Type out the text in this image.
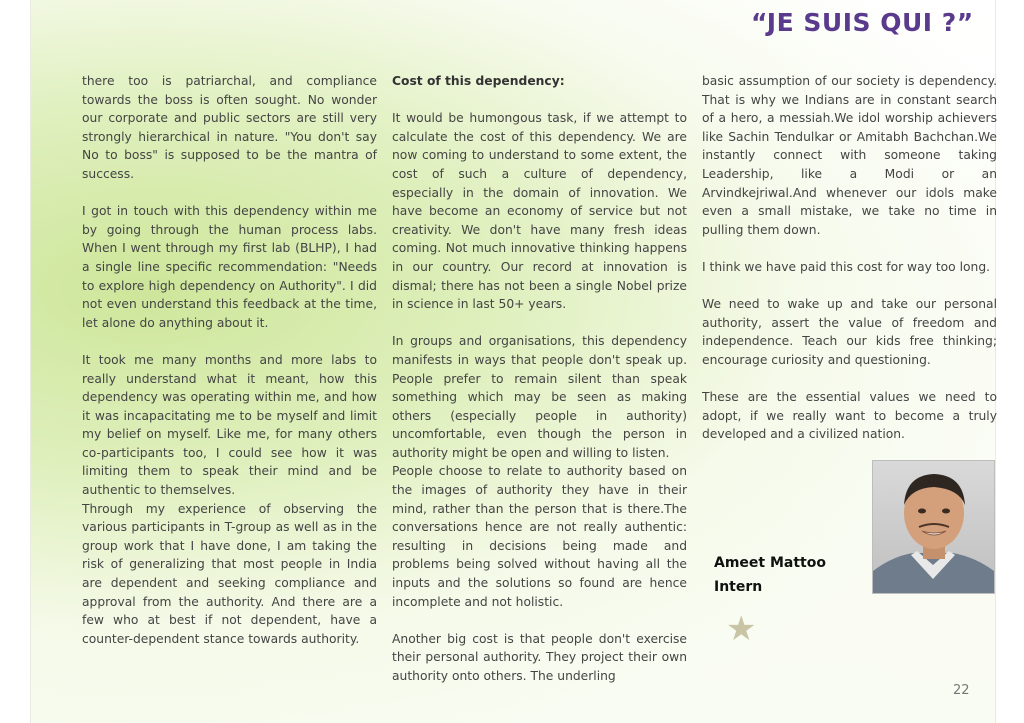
“JE SUIS QUI ?”

there too is patriarchal, and compliance towards the boss is often sought. No wonder our corporate and public sectors are still very strongly hierarchical in nature. "You don't say No to boss" is supposed to be the mantra of success.

I got in touch with this dependency within me by going through the human process labs. When I went through my first lab (BLHP), I had a single line specific recommendation: "Needs to explore high dependency on Authority". I did not even understand this feedback at the time, let alone do anything about it.

It took me many months and more labs to really understand what it meant, how this dependency was operating within me, and how it was incapacitating me to be myself and limit my belief on myself. Like me, for many others co-participants too, I could see how it was limiting them to speak their mind and be authentic to themselves.

Through my experience of observing the various participants in T-group as well as in the group work that I have done, I am taking the risk of generalizing that most people in India are dependent and seeking compliance and approval from the authority. And there are a few who at best if not dependent, have a counter-dependent stance towards authority.

Cost of this dependency:

It would be humongous task, if we attempt to calculate the cost of this dependency. We are now coming to understand to some extent, the cost of such a culture of dependency, especially in the domain of innovation. We have become an economy of service but not creativity. We don't have many fresh ideas coming. Not much innovative thinking happens in our country. Our record at innovation is dismal; there has not been a single Nobel prize in science in last 50+ years.

In groups and organisations, this dependency manifests in ways that people don't speak up. People prefer to remain silent than speak something which may be seen as making others (especially people in authority) uncomfortable, even though the person in authority might be open and willing to listen.

People choose to relate to authority based on the images of authority they have in their mind, rather than the person that is there.The conversations hence are not really authentic: resulting in decisions being made and problems being solved without having all the inputs and the solutions so found are hence incomplete and not holistic.

Another big cost is that people don't exercise their personal authority. They project their own authority onto others. The underling

basic assumption of our society is dependency. That is why we Indians are in constant search of a hero, a messiah.We idol worship achievers like Sachin Tendulkar or Amitabh Bachchan.We instantly connect with someone taking Leadership, like a Modi or an Arvindkejriwal.And whenever our idols make even a small mistake, we take no time in pulling them down.

I think we have paid this cost for way too long.

We need to wake up and take our personal authority, assert the value of freedom and independence. Teach our kids free thinking; encourage curiosity and questioning.

These are the essential values we need to adopt, if we really want to become a truly developed and a civilized nation.

Ameet Mattoo
Intern
★
22
